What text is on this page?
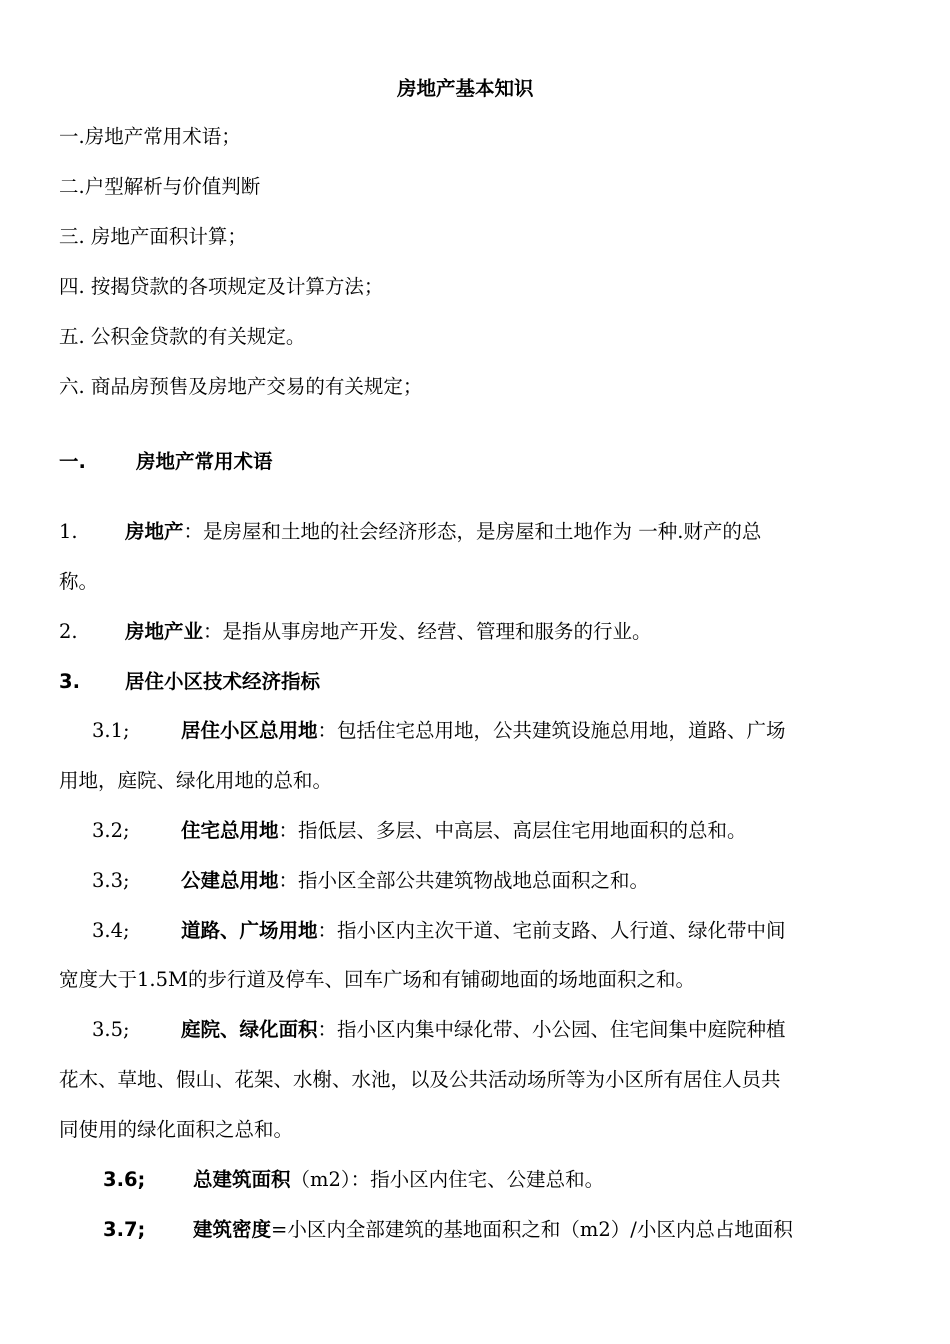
房地产基本知识
一.房地产常用术语；
二.户型解析与价值判断
三. 房地产面积计算；
四. 按揭贷款的各项规定及计算方法；
五. 公积金贷款的有关规定。
六. 商品房预售及房地产交易的有关规定；
一.	房地产常用术语
1. 房地产：是房屋和土地的社会经济形态，是房屋和土地作为 一种.财产的总
称。
2. 房地产业：是指从事房地产开发、经营、管理和服务的行业。
3. 居住小区技术经济指标
3.1;	居住小区总用地：包括住宅总用地，公共建筑设施总用地，道路、广场
用地，庭院、绿化用地的总和。
3.2;	住宅总用地：指低层、多层、中高层、高层住宅用地面积的总和。
3.3;	公建总用地：指小区全部公共建筑物战地总面积之和。
3.4;	道路、广场用地：指小区内主次干道、宅前支路、人行道、绿化带中间
宽度大于1.5M的步行道及停车、回车广场和有铺砌地面的场地面积之和。
3.5;	庭院、绿化面积：指小区内集中绿化带、小公园、住宅间集中庭院种植
花木、草地、假山、花架、水榭、水池，以及公共活动场所等为小区所有居住人员共
同使用的绿化面积之总和。
3.6; 总建筑面积（m2）：指小区内住宅、公建总和。
3.7; 建筑密度=小区内全部建筑的基地面积之和（m2）/小区内总占地面积
